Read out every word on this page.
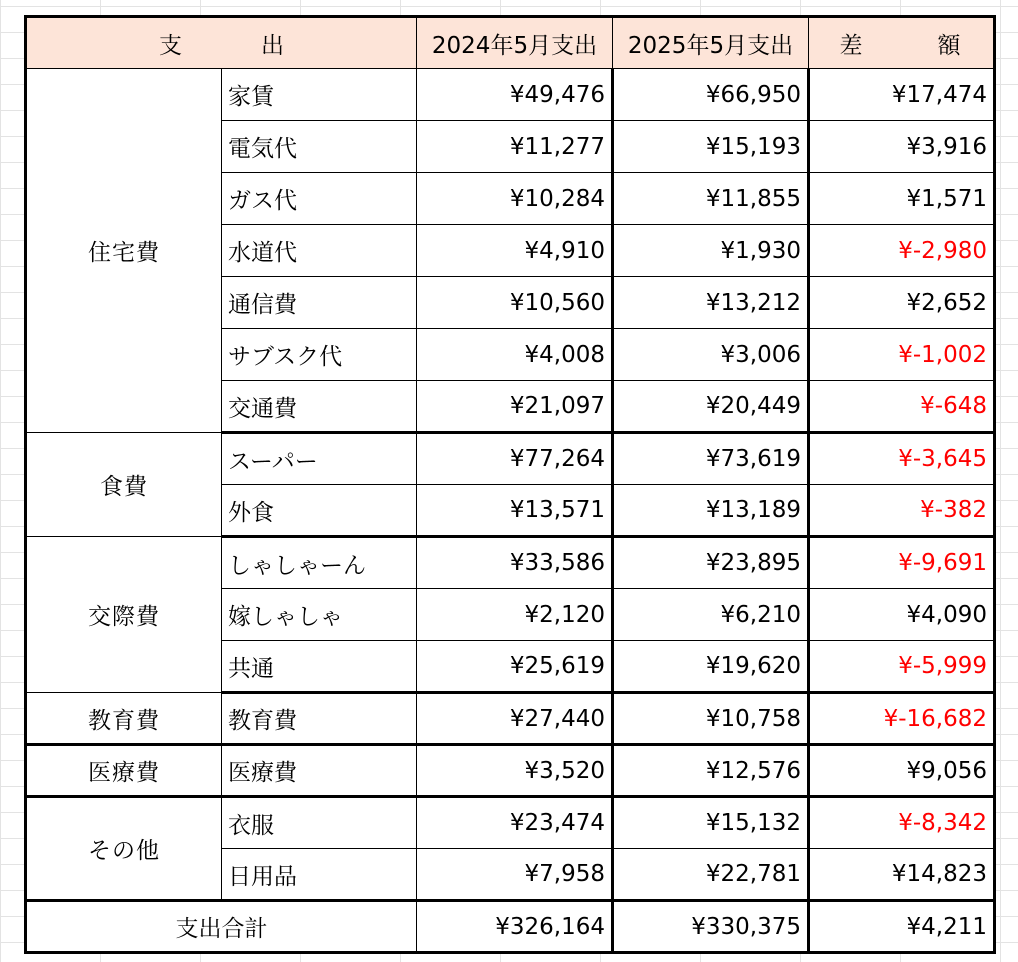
支　出		2024年5月支出	2025年5月支出	差　額
住宅費	家賃	¥49,476	¥66,950	¥17,474
	電気代	¥11,277	¥15,193	¥3,916
	ガス代	¥10,284	¥11,855	¥1,571
	水道代	¥4,910	¥1,930	¥-2,980
	通信費	¥10,560	¥13,212	¥2,652
	サブスク代	¥4,008	¥3,006	¥-1,002
	交通費	¥21,097	¥20,449	¥-648
食費	スーパー	¥77,264	¥73,619	¥-3,645
	外食	¥13,571	¥13,189	¥-382
交際費	しゃしゃーん	¥33,586	¥23,895	¥-9,691
	嫁しゃしゃ	¥2,120	¥6,210	¥4,090
	共通	¥25,619	¥19,620	¥-5,999
教育費	教育費	¥27,440	¥10,758	¥-16,682
医療費	医療費	¥3,520	¥12,576	¥9,056
その他	衣服	¥23,474	¥15,132	¥-8,342
	日用品	¥7,958	¥22,781	¥14,823
支出合計		¥326,164	¥330,375	¥4,211
